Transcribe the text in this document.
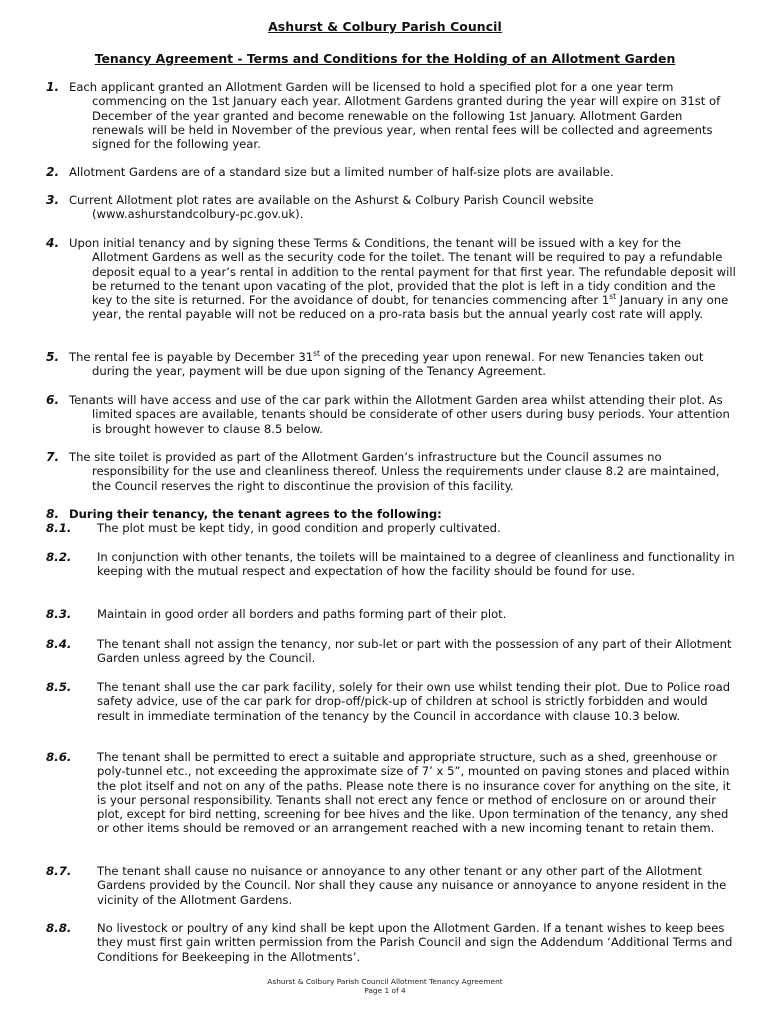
Ashurst & Colbury Parish Council
Tenancy Agreement - Terms and Conditions for the Holding of an Allotment Garden
1. Each applicant granted an Allotment Garden will be licensed to hold a specified plot for a one year term commencing on the 1st January each year. Allotment Gardens granted during the year will expire on 31st of December of the year granted and become renewable on the following 1st January. Allotment Garden renewals will be held in November of the previous year, when rental fees will be collected and agreements signed for the following year.
2. Allotment Gardens are of a standard size but a limited number of half-size plots are available.
3. Current Allotment plot rates are available on the Ashurst & Colbury Parish Council website (www.ashurstandcolbury-pc.gov.uk).
4. Upon initial tenancy and by signing these Terms & Conditions, the tenant will be issued with a key for the Allotment Gardens as well as the security code for the toilet. The tenant will be required to pay a refundable deposit equal to a year’s rental in addition to the rental payment for that first year. The refundable deposit will be returned to the tenant upon vacating of the plot, provided that the plot is left in a tidy condition and the key to the site is returned. For the avoidance of doubt, for tenancies commencing after 1st January in any one year, the rental payable will not be reduced on a pro-rata basis but the annual yearly cost rate will apply.
5. The rental fee is payable by December 31st of the preceding year upon renewal. For new Tenancies taken out during the year, payment will be due upon signing of the Tenancy Agreement.
6. Tenants will have access and use of the car park within the Allotment Garden area whilst attending their plot. As limited spaces are available, tenants should be considerate of other users during busy periods. Your attention is brought however to clause 8.5 below.
7. The site toilet is provided as part of the Allotment Garden’s infrastructure but the Council assumes no responsibility for the use and cleanliness thereof. Unless the requirements under clause 8.2 are maintained, the Council reserves the right to discontinue the provision of this facility.
8. During their tenancy, the tenant agrees to the following:
8.1.	The plot must be kept tidy, in good condition and properly cultivated.
8.2.	In conjunction with other tenants, the toilets will be maintained to a degree of cleanliness and functionality in keeping with the mutual respect and expectation of how the facility should be found for use.
8.3.	Maintain in good order all borders and paths forming part of their plot.
8.4.	The tenant shall not assign the tenancy, nor sub-let or part with the possession of any part of their Allotment Garden unless agreed by the Council.
8.5.	The tenant shall use the car park facility, solely for their own use whilst tending their plot. Due to Police road safety advice, use of the car park for drop-off/pick-up of children at school is strictly forbidden and would result in immediate termination of the tenancy by the Council in accordance with clause 10.3 below.
8.6.	The tenant shall be permitted to erect a suitable and appropriate structure, such as a shed, greenhouse or poly-tunnel etc., not exceeding the approximate size of 7’ x 5”, mounted on paving stones and placed within the plot itself and not on any of the paths. Please note there is no insurance cover for anything on the site, it is your personal responsibility. Tenants shall not erect any fence or method of enclosure on or around their plot, except for bird netting, screening for bee hives and the like. Upon termination of the tenancy, any shed or other items should be removed or an arrangement reached with a new incoming tenant to retain them.
8.7.	The tenant shall cause no nuisance or annoyance to any other tenant or any other part of the Allotment Gardens provided by the Council. Nor shall they cause any nuisance or annoyance to anyone resident in the vicinity of the Allotment Gardens.
8.8.	No livestock or poultry of any kind shall be kept upon the Allotment Garden. If a tenant wishes to keep bees they must first gain written permission from the Parish Council and sign the Addendum ‘Additional Terms and Conditions for Beekeeping in the Allotments’.
Ashurst & Colbury Parish Council Allotment Tenancy Agreement
Page 1 of 4
